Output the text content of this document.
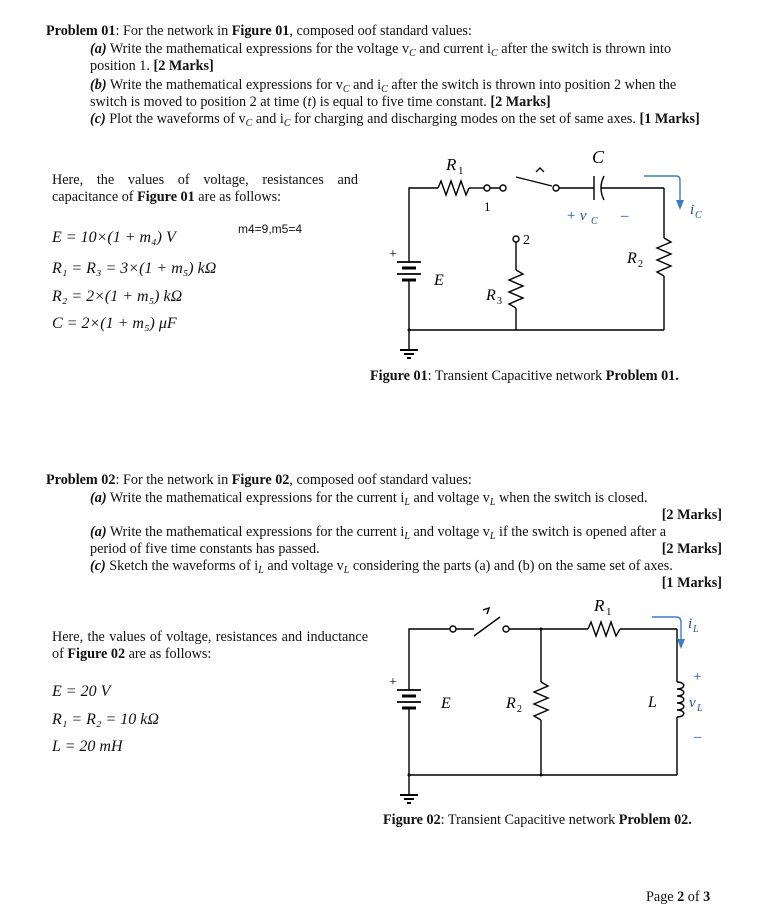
Problem 01: For the network in Figure 01, composed oof standard values:
(a) Write the mathematical expressions for the voltage $v_C$ and current $i_C$ after the switch is thrown into
position 1. [2 Marks]
(b) Write the mathematical expressions for $v_C$ and $i_C$ after the switch is thrown into position 2 when the
switch is moved to position 2 at time (t) is equal to five time constant. [2 Marks]
(c) Plot the waveforms of $v_C$ and $i_C$ for charging and discharging modes on the set of same axes. [1 Marks]
Here, the values of voltage, resistances and capacitance of Figure 01 are as follows:
m4=9,m5=4
E = 10×(1 + m₄) V
R₁ = R₃ = 3×(1 + m₅) kΩ
R₂ = 2×(1 + m₅) kΩ
C = 2×(1 + m₅) μF
R 1
C
1
2
+ v C –	i C
R 2
R 3
E
+
Figure 01: Transient Capacitive network Problem 01.
Problem 02: For the network in Figure 02, composed oof standard values:
(a) Write the mathematical expressions for the current $i_L$ and voltage $v_L$ when the switch is closed.
[2 Marks]
(a) Write the mathematical expressions for the current $i_L$ and voltage $v_L$ if the switch is opened after a
period of five time constants has passed.	[2 Marks]
(c) Sketch the waveforms of $i_L$ and voltage $v_L$ considering the parts (a) and (b) on the same set of axes.
[1 Marks]
Here, the values of voltage, resistances and inductance of Figure 02 are as follows:
E = 20 V
R₁ = R₂ = 10 kΩ
L = 20 mH
R 1
i L
E
+
R 2	L
+
v L
–
Figure 02: Transient Capacitive network Problem 02.
Page 2 of 3
